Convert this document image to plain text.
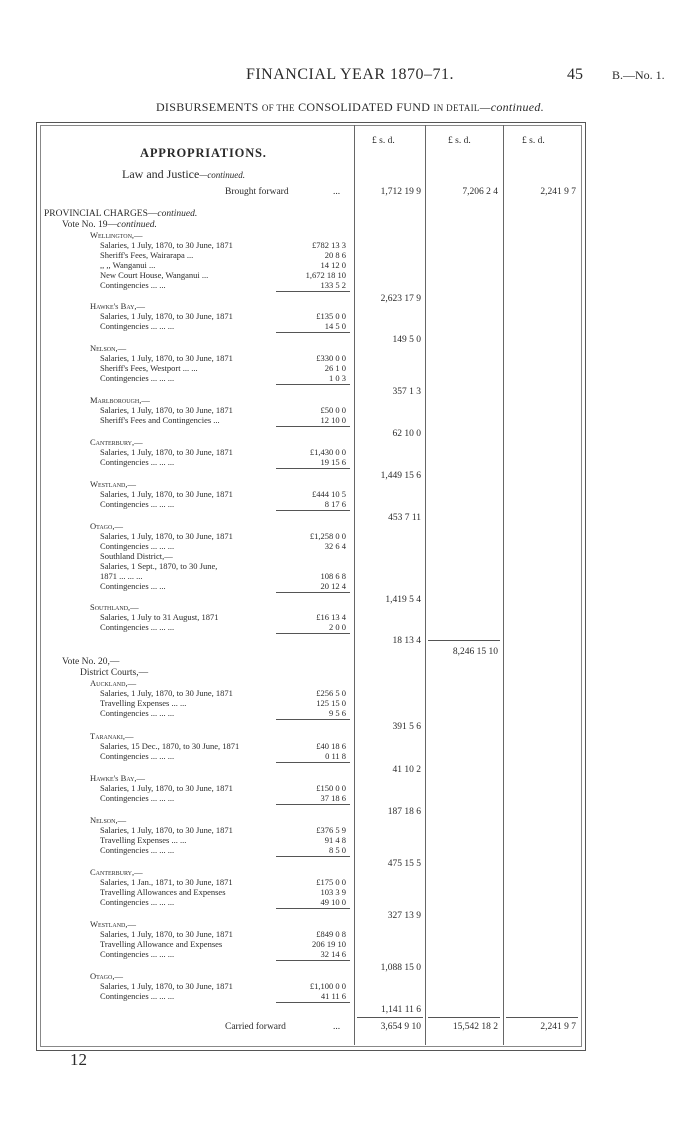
FINANCIAL YEAR 1870–71.	45 B.—No. 1.
DISBURSEMENTS OF THE CONSOLIDATED FUND IN DETAIL—continued.
£ s. d.	£ s. d.	£ s. d.
APPROPRIATIONS.
Law and Justice—continued.
Brought forward	...	1,712 19 9	7,206 2 4	2,241 9 7
PROVINCIAL CHARGES—continued.
Vote No. 19—continued.
Wellington,—
Salaries, 1 July, 1870, to 30 June, 1871	£782 13 3
Sheriff's Fees, Wairarapa ...	20 8 6
,, ,, Wanganui ...	14 12 0
New Court House, Wanganui ...	1,672 18 10
Contingencies ... ...	133 5 2
2,623 17 9
Hawke's Bay,—
Salaries, 1 July, 1870, to 30 June, 1871	£135 0 0
Contingencies ... ... ...	14 5 0
149 5 0
Nelson,—
Salaries, 1 July, 1870, to 30 June, 1871	£330 0 0
Sheriff's Fees, Westport ... ...	26 1 0
Contingencies ... ... ...	1 0 3
357 1 3
Marlborough,—
Salaries, 1 July, 1870, to 30 June, 1871	£50 0 0
Sheriff's Fees and Contingencies ...	12 10 0
62 10 0
Canterbury,—
Salaries, 1 July, 1870, to 30 June, 1871	£1,430 0 0
Contingencies ... ... ...	19 15 6
1,449 15 6
Westland,—
Salaries, 1 July, 1870, to 30 June, 1871	£444 10 5
Contingencies ... ... ...	8 17 6
453 7 11
Otago,—
Salaries, 1 July, 1870, to 30 June, 1871	£1,258 0 0
Contingencies ... ... ...	32 6 4
Southland District,—
Salaries, 1 Sept., 1870, to 30 June,
1871 ... ... ...	108 6 8
Contingencies ... ...	20 12 4
1,419 5 4
Southland,—
Salaries, 1 July to 31 August, 1871	£16 13 4
Contingencies ... ... ...	2 0 0
18 13 4
8,246 15 10
Vote No. 20,—
District Courts,—
Auckland,—
Salaries, 1 July, 1870, to 30 June, 1871	£256 5 0
Travelling Expenses ... ...	125 15 0
Contingencies ... ... ...	9 5 6
391 5 6
Taranaki,—
Salaries, 15 Dec., 1870, to 30 June, 1871	£40 18 6
Contingencies ... ... ...	0 11 8
41 10 2
Hawke's Bay,—
Salaries, 1 July, 1870, to 30 June, 1871	£150 0 0
Contingencies ... ... ...	37 18 6
187 18 6
Nelson,—
Salaries, 1 July, 1870, to 30 June, 1871	£376 5 9
Travelling Expenses ... ...	91 4 8
Contingencies ... ... ...	8 5 0
475 15 5
Canterbury,—
Salaries, 1 Jan., 1871, to 30 June, 1871	£175 0 0
Travelling Allowances and Expenses	103 3 9
Contingencies ... ... ...	49 10 0
327 13 9
Westland,—
Salaries, 1 July, 1870, to 30 June, 1871	£849 0 8
Travelling Allowance and Expenses	206 19 10
Contingencies ... ... ...	32 14 6
1,088 15 0
Otago,—
Salaries, 1 July, 1870, to 30 June, 1871	£1,100 0 0
Contingencies ... ... ...	41 11 6
1,141 11 6
Carried forward	...	3,654 9 10	15,542 18 2	2,241 9 7
12
